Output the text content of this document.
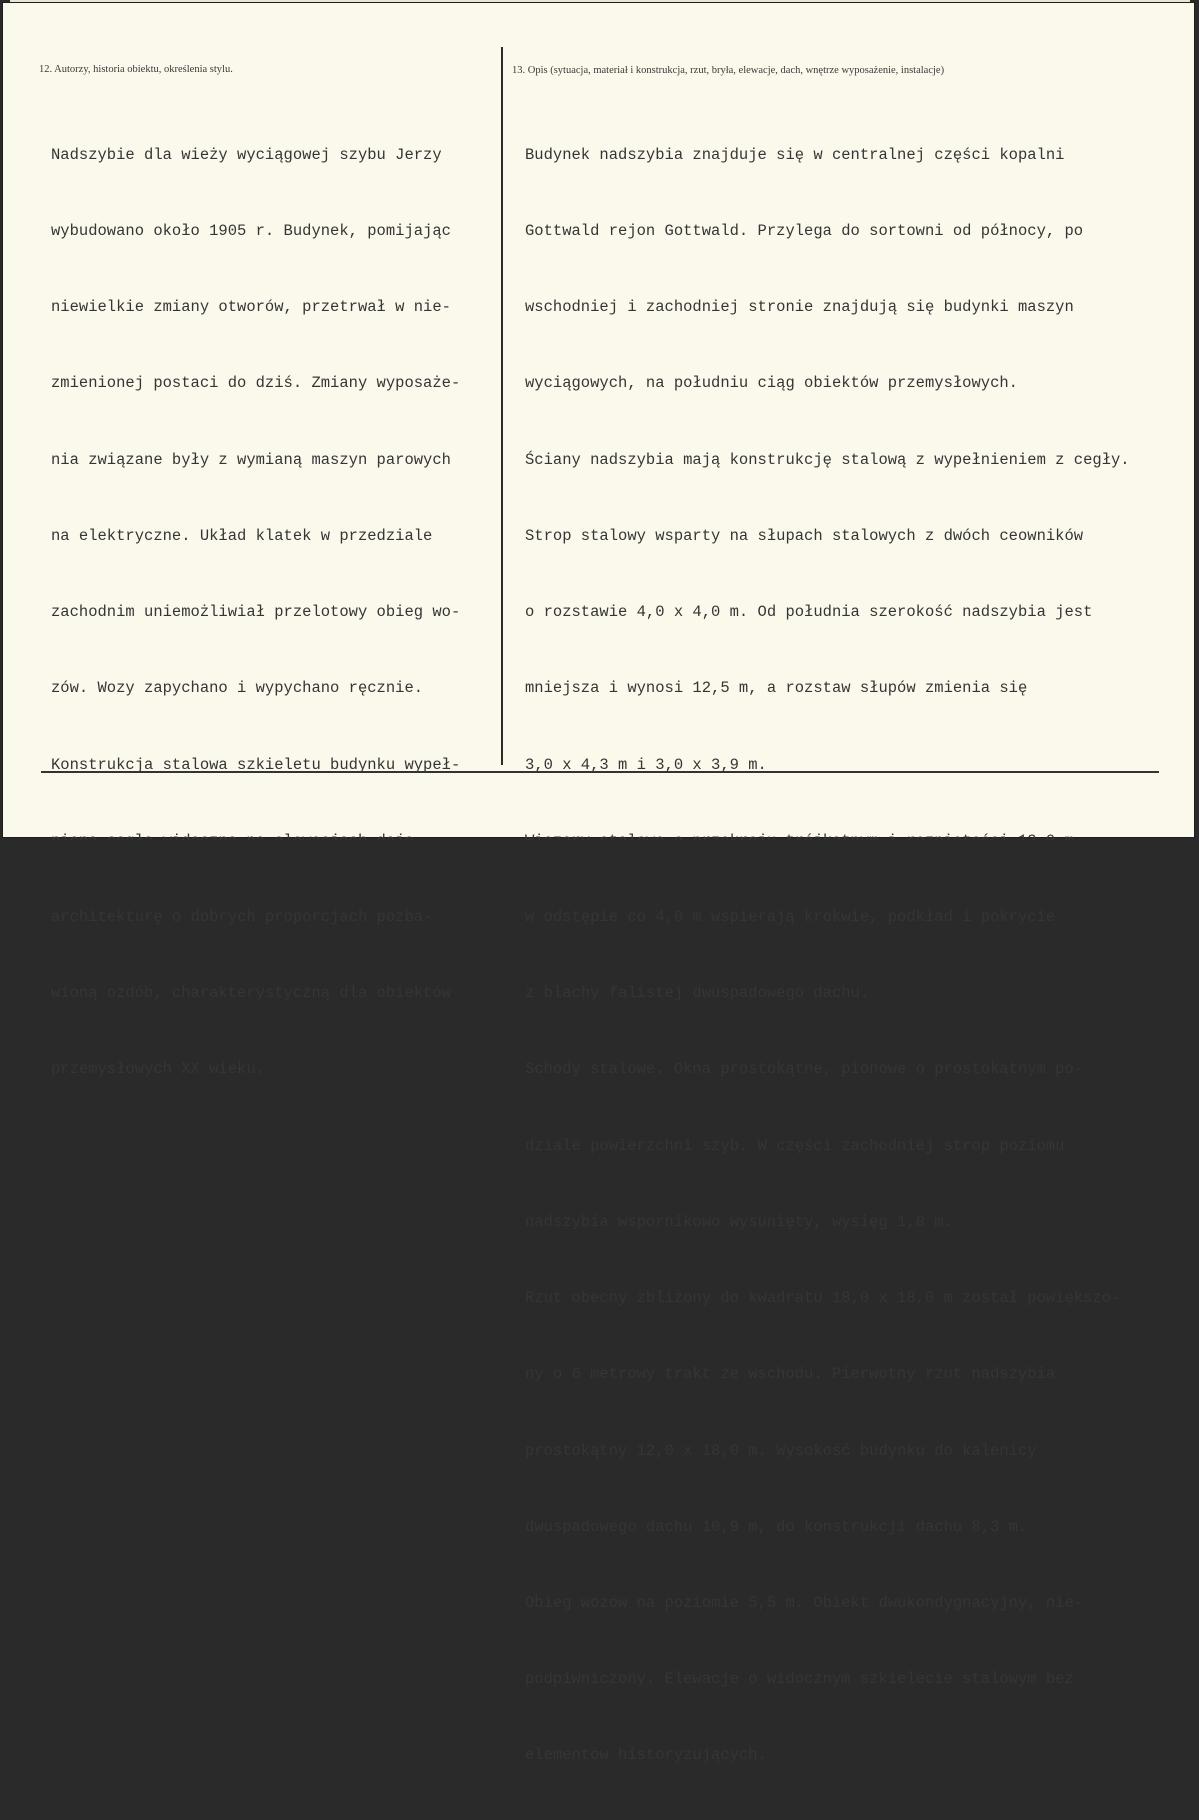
12. Autorzy, historia obiektu, określenia stylu.	13. Opis (sytuacja, materiał i konstrukcja, rzut, bryła, elewacje, dach, wnętrze wyposażenie, instalacje)

Nadszybie dla wieży wyciągowej szybu Jerzy

wybudowano około 1905 r. Budynek, pomijając

niewielkie zmiany otworów, przetrwał w nie-

zmienionej postaci do dziś. Zmiany wyposaże-

nia związane były z wymianą maszyn parowych

na elektryczne. Układ klatek w przedziale

zachodnim uniemożliwiał przelotowy obieg wo-

zów. Wozy zapychano i wypychano ręcznie.

Konstrukcja stalowa szkieletu budynku wypeł-

architekturę o dobrych proporcjach pozba-

wioną ozdób, charakterystyczną dla obiektów

przemysłowych XX wieku.

Budynek nadszybia znajduje się w centralnej części kopalni

Gottwald rejon Gottwald. Przylega do sortowni od północy, po

wschodniej i zachodniej stronie znajdują się budynki maszyn

wyciągowych, na południu ciąg obiektów przemysłowych.

Ściany nadszybia mają konstrukcję stalową z wypełnieniem z cegły.

Strop stalowy wsparty na słupach stalowych z dwóch ceowników

o rozstawie 4,0 x 4,0 m. Od południa szerokość nadszybia jest

mniejsza i wynosi 12,5 m, a rozstaw słupów zmienia się

3,0 x 4,3 m i 3,0 x 3,9 m.

w odstępie co 4,0 m wspierają krokwie, podkład i pokrycie

z blachy falistej dwuspadowego dachu.

Schody stalowe. Okna prostokątne, pionowe o prostokątnym po-

dziale powierzchni szyb. W części zachodniej strop poziomu

nadszybia wspornikowo wysunięty, wysięg 1,8 m.

Rzut obecny zbliżony do kwadratu 18,0 x 18,0 m został powiększo-

ny o 6 metrowy trakt ze wschodu. Pierwotny rzut nadszybia

prostokątny 12,0 x 18,0 m. Wysokość budynku do kalenicy

dwuspadowego dachu 10,9 m, do konstrukcji dachu 8,3 m.

Obieg wozów na poziomie 5,5 m. Obiekt dwukondygnacyjny, nie-

podpiwniczony. Elewacje o widocznym szkielecie stalowym bez

elementów historyzujących.
